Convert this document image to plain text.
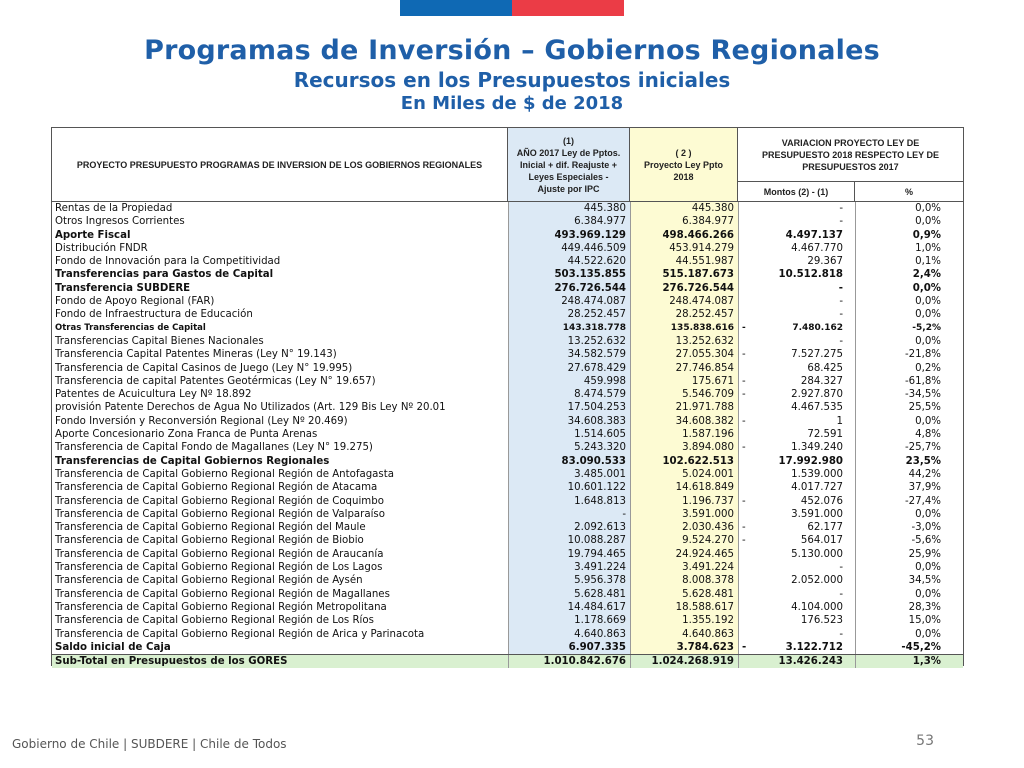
Programas de Inversión – Gobiernos Regionales
Recursos en los Presupuestos iniciales
En Miles de $ de 2018
PROYECTO PRESUPUESTO PROGRAMAS DE INVERSION DE LOS GOBIERNOS REGIONALES
(1)
AÑO 2017 Ley de Pptos. Inicial + dif. Reajuste + Leyes Especiales - Ajuste por IPC
( 2 )
Proyecto Ley Ppto 2018
VARIACION PROYECTO LEY DE PRESUPUESTO 2018 RESPECTO LEY DE PRESUPUESTOS 2017
Montos (2) - (1)	%
Rentas de la Propiedad	445.380	445.380	-	0,0%
Otros Ingresos Corrientes	6.384.977	6.384.977	-	0,0%
Aporte Fiscal	493.969.129	498.466.266	4.497.137	0,9%
Distribución FNDR	449.446.509	453.914.279	4.467.770	1,0%
Fondo de Innovación para la Competitividad	44.522.620	44.551.987	29.367	0,1%
Transferencias para Gastos de Capital	503.135.855	515.187.673	10.512.818	2,4%
Transferencia SUBDERE	276.726.544	276.726.544	-	0,0%
Fondo de Apoyo Regional (FAR)	248.474.087	248.474.087	-	0,0%
Fondo de Infraestructura de Educación	28.252.457	28.252.457	-	0,0%
Otras Transferencias de Capital	143.318.778	135.838.616 -	7.480.162	-5,2%
Transferencias Capital Bienes Nacionales	13.252.632	13.252.632	-	0,0%
Transferencia Capital Patentes Mineras (Ley N° 19.143)	34.582.579	27.055.304 -	7.527.275	-21,8%
Transferencia de Capital Casinos de Juego (Ley N° 19.995)	27.678.429	27.746.854	68.425	0,2%
Transferencia de capital Patentes Geotérmicas (Ley N° 19.657)	459.998	175.671 -	284.327	-61,8%
Patentes de Acuicultura Ley Nº 18.892	8.474.579	5.546.709 -	2.927.870	-34,5%
provisión Patente Derechos de Agua No Utilizados (Art. 129 Bis Ley Nº 20.01	17.504.253	21.971.788	4.467.535	25,5%
Fondo Inversión y Reconversión Regional (Ley Nº 20.469)	34.608.383	34.608.382 -	1	0,0%
Aporte Concesionario Zona Franca de Punta Arenas	1.514.605	1.587.196	72.591	4,8%
Transferencia de Capital Fondo de Magallanes (Ley N° 19.275)	5.243.320	3.894.080 -	1.349.240	-25,7%
Transferencias de Capital Gobiernos Regionales	83.090.533	102.622.513	17.992.980	23,5%
Transferencia de Capital Gobierno Regional Región de Antofagasta	3.485.001	5.024.001	1.539.000	44,2%
Transferencia de Capital Gobierno Regional Región de Atacama	10.601.122	14.618.849	4.017.727	37,9%
Transferencia de Capital Gobierno Regional Región de Coquimbo	1.648.813	1.196.737 -	452.076	-27,4%
Transferencia de Capital Gobierno Regional Región de Valparaíso	-	3.591.000	3.591.000	0,0%
Transferencia de Capital Gobierno Regional Región del Maule	2.092.613	2.030.436 -	62.177	-3,0%
Transferencia de Capital Gobierno Regional Región de Biobio	10.088.287	9.524.270 -	564.017	-5,6%
Transferencia de Capital Gobierno Regional Región de Araucanía	19.794.465	24.924.465	5.130.000	25,9%
Transferencia de Capital Gobierno Regional Región de Los Lagos	3.491.224	3.491.224	-	0,0%
Transferencia de Capital Gobierno Regional Región de Aysén	5.956.378	8.008.378	2.052.000	34,5%
Transferencia de Capital Gobierno Regional Región de Magallanes	5.628.481	5.628.481	-	0,0%
Transferencia de Capital Gobierno Regional Región Metropolitana	14.484.617	18.588.617	4.104.000	28,3%
Transferencia de Capital Gobierno Regional Región de Los Ríos	1.178.669	1.355.192	176.523	15,0%
Transferencia de Capital Gobierno Regional Región de Arica y Parinacota	4.640.863	4.640.863	-	0,0%
Saldo inicial de Caja	6.907.335	3.784.623 -	3.122.712	-45,2%
Sub-Total en Presupuestos de los GORES	1.010.842.676	1.024.268.919	13.426.243	1,3%
Gobierno de Chile | SUBDERE | Chile de Todos	53
